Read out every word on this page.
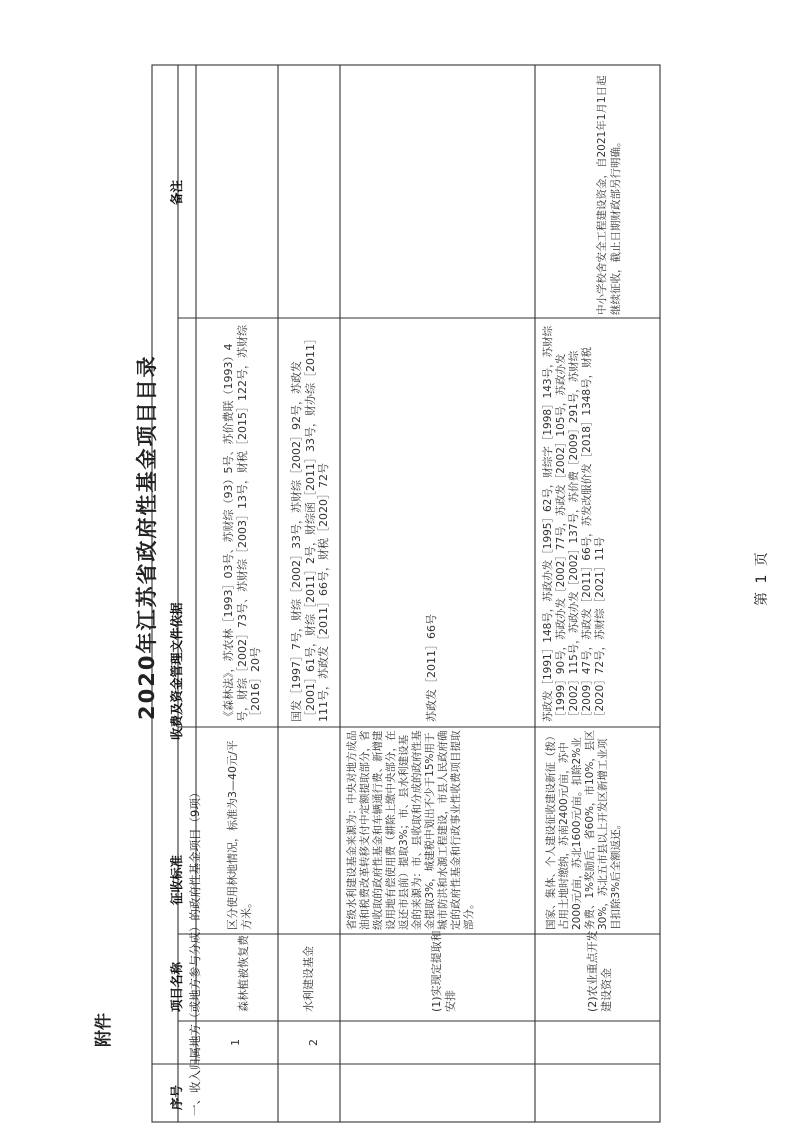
附件
2020年江苏省政府性基金项目目录
序号
项目名称
征收标准
收费及资金管理文件依据
备注
一、收入归属地方（或地方参与分成）的政府性基金项目（9项） 1
森林植被恢复费
区分使用林地情况，标准为3—40元/平方米。
《森林法》，苏农林［1993］03号、苏财综（93）5号、苏价费联（1993）4号，财综［2002］73号、苏财综［2003］13号，财税［2015］122号，苏财综［2016］20号
2
水利建设基金
国发［1997］7号，财综［2002］33号，苏财综［2002］92号，苏政发［2001］61号，财综［2011］2号，财综函［2011］33号，财办综［2011］111号，苏政发［2011］66号，财税［2020］72号
(1)实现定提取和安排
省级水利建设基金来源为：中央对地方成品油和税费改革转移支付中定额提取部分，省级收取的政府性基金和车辆通行费、新增建设用地有偿使用费（耕除上缴中央部分，在返还市县前）提取3%；市、县水利建设基金的来源为：市、县收取和分成的政府性基金提取3%，城建税中划出不少于15%用于城市防洪和水源工程建设，市县人民政府确定的政府性基金和行政事业性收费项目提取部分。
苏政发［2011］66号
(2)农业重点开发建设资金
国家、集体、个人建设征收建设新征（拨）占用土地时缴纳，苏南2400元/亩，苏中2000元/亩，苏北1600元/亩。扣除2%业务费、1%奖励后，省60%，市10%，县区30%，苏北五市县以上开发区新增工业项目扣除3%后全额返还。
苏政发［1991］148号，苏政办发［1995］62号，财综字［1998］143号，苏财综［1999］90号，苏政办发［2002］77号，苏政发［2002］105号，苏政办发［2002］115号，苏政办发［2002］137号，苏价费［2009］291号，苏财综［2009］47号，苏政发［2011］66号，苏发改服价发［2018］1348号，财税［2020］72号，苏财综［2021］11号
中小学校舍安全工程建设资金，自2021年1月1日起继续征收，截止日期财政部另行明确。
第 1 页
